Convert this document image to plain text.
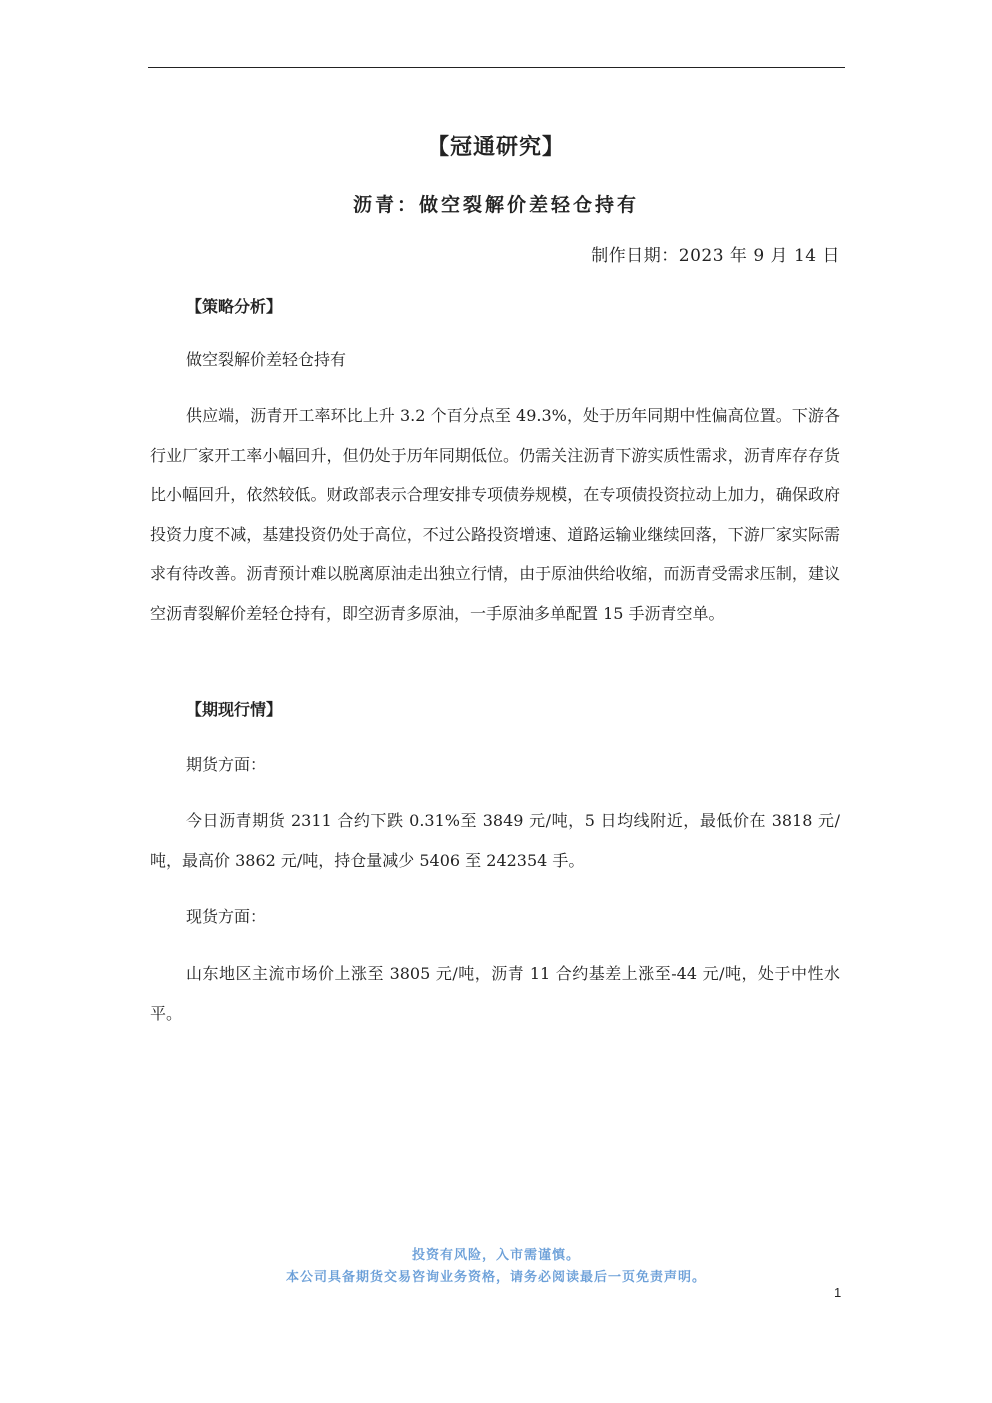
【冠通研究】
沥青：做空裂解价差轻仓持有
制作日期：2023 年 9 月 14 日
【策略分析】
做空裂解价差轻仓持有
供应端，沥青开工率环比上升 3.2 个百分点至 49.3%，处于历年同期中性偏高位置。下游各行业厂家开工率小幅回升，但仍处于历年同期低位。仍需关注沥青下游实质性需求，沥青库存存货比小幅回升，依然较低。财政部表示合理安排专项债券规模，在专项债投资拉动上加力，确保政府投资力度不减，基建投资仍处于高位，不过公路投资增速、道路运输业继续回落，下游厂家实际需求有待改善。沥青预计难以脱离原油走出独立行情，由于原油供给收缩，而沥青受需求压制，建议空沥青裂解价差轻仓持有，即空沥青多原油，一手原油多单配置 15 手沥青空单。
【期现行情】
期货方面：
今日沥青期货 2311 合约下跌 0.31%至 3849 元/吨，5 日均线附近，最低价在 3818 元/吨，最高价 3862 元/吨，持仓量减少 5406 至 242354 手。
现货方面：
山东地区主流市场价上涨至 3805 元/吨，沥青 11 合约基差上涨至-44 元/吨，处于中性水平。
投资有风险，入市需谨慎。
本公司具备期货交易咨询业务资格，请务必阅读最后一页免责声明。
1
